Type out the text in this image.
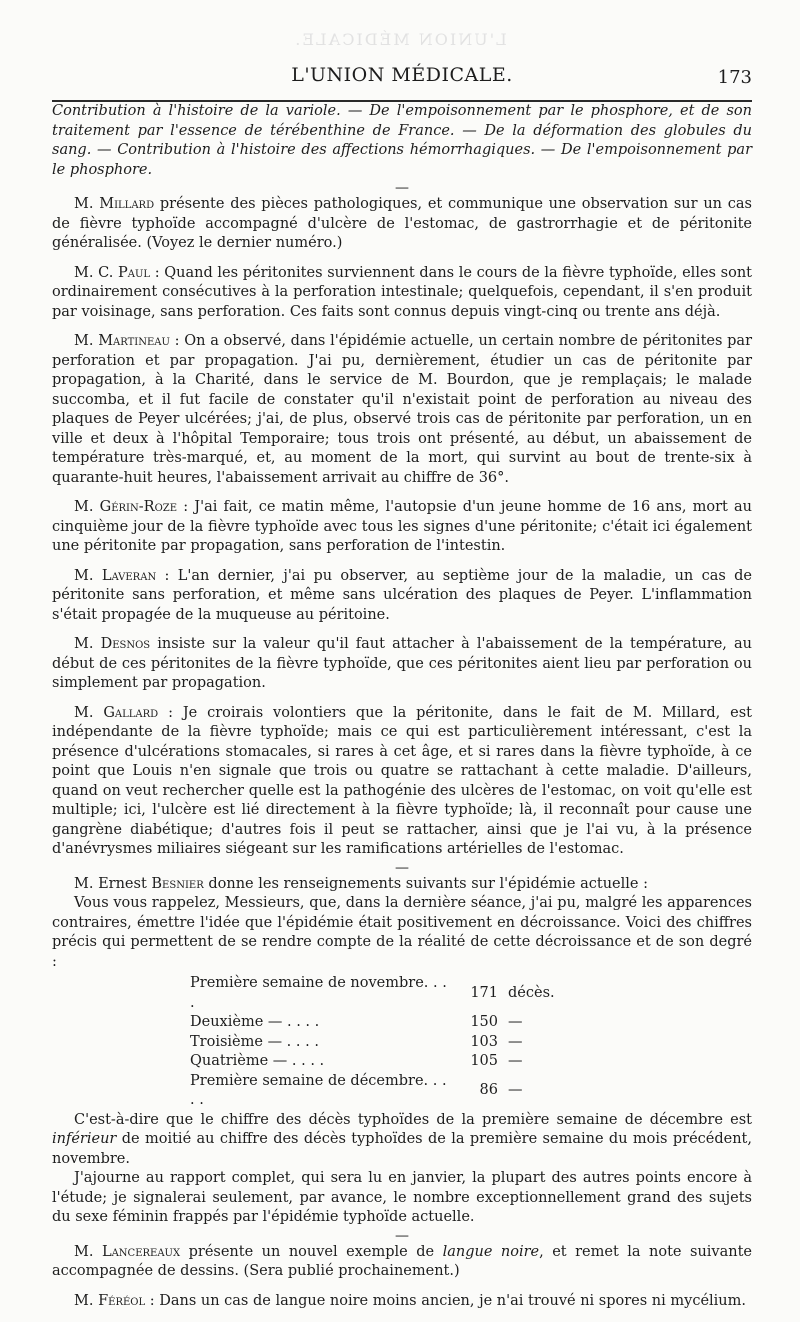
L'UNION MÉDICALE.
L'UNION MÉDICALE.	173

Contribution à l'histoire de la variole. — De l'empoisonnement par le phosphore, et de son traitement par l'essence de térébenthine de France. — De la déformation des globules du sang. — Contribution à l'histoire des affections hémorrhagiques. — De l'empoisonnement par le phosphore.

—

M. Millard présente des pièces pathologiques, et communique une observation sur un cas de fièvre typhoïde accompagné d'ulcère de l'estomac, de gastrorrhagie et de péritonite généralisée. (Voyez le dernier numéro.)

M. C. Paul : Quand les péritonites surviennent dans le cours de la fièvre typhoïde, elles sont ordinairement consécutives à la perforation intestinale; quelquefois, cependant, il s'en produit par voisinage, sans perforation. Ces faits sont connus depuis vingt-cinq ou trente ans déjà.

M. Martineau : On a observé, dans l'épidémie actuelle, un certain nombre de péritonites par perforation et par propagation. J'ai pu, dernièrement, étudier un cas de péritonite par propagation, à la Charité, dans le service de M. Bourdon, que je remplaçais; le malade succomba, et il fut facile de constater qu'il n'existait point de perforation au niveau des plaques de Peyer ulcérées; j'ai, de plus, observé trois cas de péritonite par perforation, un en ville et deux à l'hôpital Temporaire; tous trois ont présenté, au début, un abaissement de température très-marqué, et, au moment de la mort, qui survint au bout de trente-six à quarante-huit heures, l'abaissement arrivait au chiffre de 36°.

M. Gérin-Roze : J'ai fait, ce matin même, l'autopsie d'un jeune homme de 16 ans, mort au cinquième jour de la fièvre typhoïde avec tous les signes d'une péritonite; c'était ici également une péritonite par propagation, sans perforation de l'intestin.

M. Laveran : L'an dernier, j'ai pu observer, au septième jour de la maladie, un cas de péritonite sans perforation, et même sans ulcération des plaques de Peyer. L'inflammation s'était propagée de la muqueuse au péritoine.

M. Desnos insiste sur la valeur qu'il faut attacher à l'abaissement de la température, au début de ces péritonites de la fièvre typhoïde, que ces péritonites aient lieu par perforation ou simplement par propagation.

M. Gallard : Je croirais volontiers que la péritonite, dans le fait de M. Millard, est indépendante de la fièvre typhoïde; mais ce qui est particulièrement intéressant, c'est la présence d'ulcérations stomacales, si rares à cet âge, et si rares dans la fièvre typhoïde, à ce point que Louis n'en signale que trois ou quatre se rattachant à cette maladie. D'ailleurs, quand on veut rechercher quelle est la pathogénie des ulcères de l'estomac, on voit qu'elle est multiple; ici, l'ulcère est lié directement à la fièvre typhoïde; là, il reconnaît pour cause une gangrène diabétique; d'autres fois il peut se rattacher, ainsi que je l'ai vu, à la présence d'anévrysmes miliaires siégeant sur les ramifications artérielles de l'estomac.

—

M. Ernest Besnier donne les renseignements suivants sur l'épidémie actuelle :

Vous vous rappelez, Messieurs, que, dans la dernière séance, j'ai pu, malgré les apparences contraires, émettre l'idée que l'épidémie était positivement en décroissance. Voici des chiffres précis qui permettent de se rendre compte de la réalité de cette décroissance et de son degré :

Première semaine de novembre. . . .	171	décès.
Deuxième — . . . .	150	—
Troisième — . . . .	103	—
Quatrième — . . . .	105	—
Première semaine de décembre. . . . .	86	—

C'est-à-dire que le chiffre des décès typhoïdes de la première semaine de décembre est inférieur de moitié au chiffre des décès typhoïdes de la première semaine du mois précédent, novembre.

J'ajourne au rapport complet, qui sera lu en janvier, la plupart des autres points encore à l'étude; je signalerai seulement, par avance, le nombre exceptionnellement grand des sujets du sexe féminin frappés par l'épidémie typhoïde actuelle.

—

M. Lancereaux présente un nouvel exemple de langue noire, et remet la note suivante accompagnée de dessins. (Sera publié prochainement.)

M. Féréol : Dans un cas de langue noire moins ancien, je n'ai trouvé ni spores ni mycélium.
